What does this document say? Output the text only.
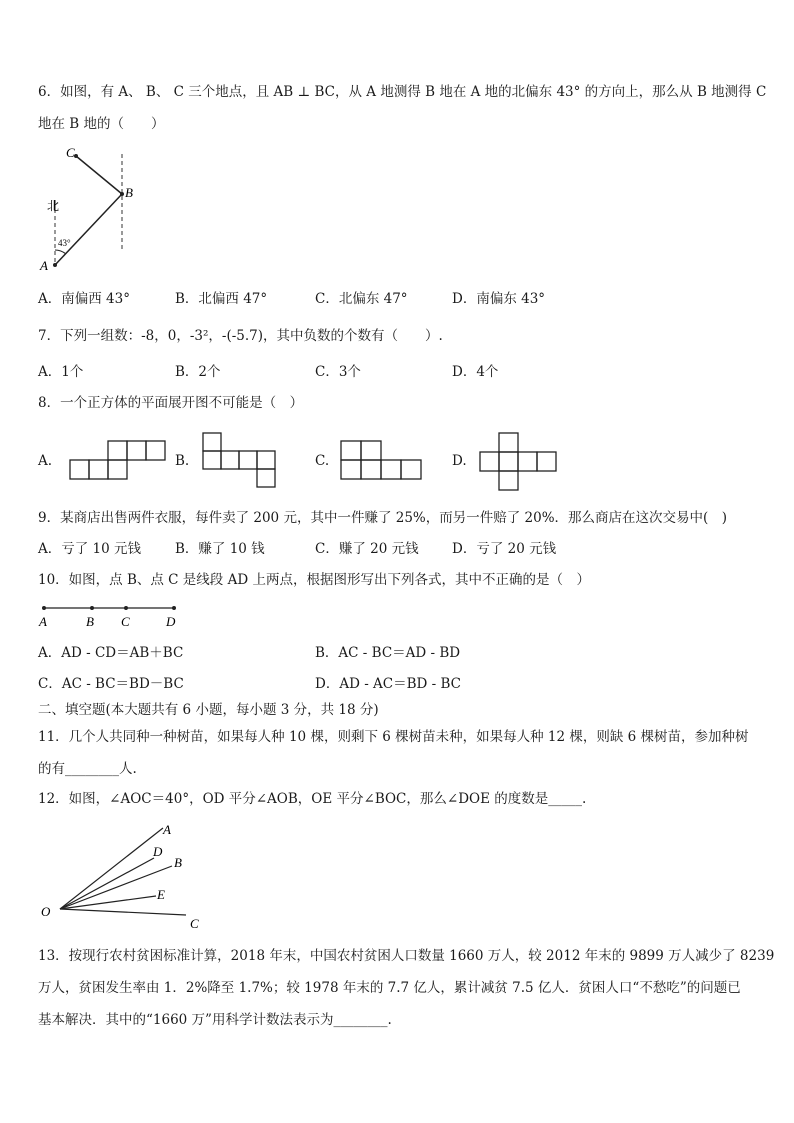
6．如图，有 A、 B、 C 三个地点，且 AB ⊥ BC，从 A 地测得 B 地在 A 地的北偏东 43° 的方向上，那么从 B 地测得 C
地在 B 地的（　　）
C
B
A
北
43°
A．南偏西 43°	B．北偏西 47°	C．北偏东 47°	D．南偏东 43°
7．下列一组数：-8，0，-3²，-(-5.7)，其中负数的个数有（　　）.
A．1个	B．2个	C．3个	D．4个
8．一个正方体的平面展开图不可能是（　）
A.	B.	C.	D.
9．某商店出售两件衣服，每件卖了 200 元，其中一件赚了 25%，而另一件赔了 20%．那么商店在这次交易中(　)
A．亏了 10 元钱	B．赚了 10 钱	C．赚了 20 元钱 D．亏了 20 元钱
10．如图，点 B、点 C 是线段 AD 上两点，根据图形写出下列各式，其中不正确的是（　）
A	B C	D
A．AD - CD＝AB＋BC	B．AC - BC＝AD - BD
C．AC - BC＝BD－BC	D．AD - AC＝BD - BC
二、填空题(本大题共有 6 小题，每小题 3 分，共 18 分)
11．几个人共同种一种树苗，如果每人种 10 棵，则剩下 6 棵树苗未种，如果每人种 12 棵，则缺 6 棵树苗，参加种树
的有________人.
12．如图，∠AOC＝40°，OD 平分∠AOB，OE 平分∠BOC，那么∠DOE 的度数是_____.
A
D
B
E
O
C
13．按现行农村贫困标准计算，2018 年末，中国农村贫困人口数量 1660 万人，较 2012 年末的 9899 万人减少了 8239
万人，贫困发生率由 1．2%降至 1.7%；较 1978 年末的 7.7 亿人，累计减贫 7.5 亿人．贫困人口“不愁吃”的问题已
基本解决．其中的“1660 万”用科学计数法表示为________.
